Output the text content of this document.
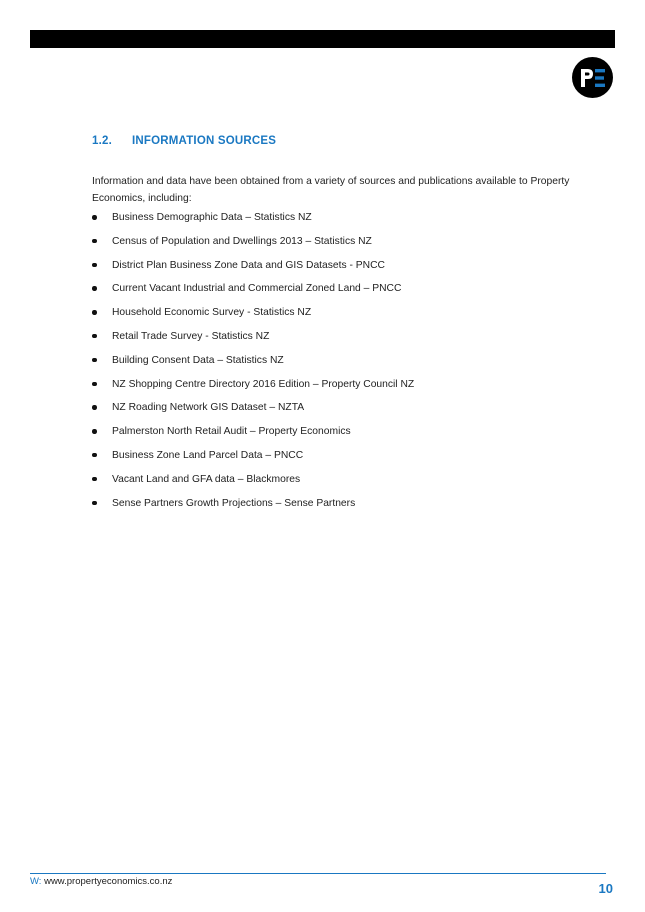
1.2. INFORMATION SOURCES

Information and data have been obtained from a variety of sources and publications available to Property Economics, including:

Business Demographic Data – Statistics NZ
Census of Population and Dwellings 2013 – Statistics NZ
District Plan Business Zone Data and GIS Datasets - PNCC
Current Vacant Industrial and Commercial Zoned Land – PNCC
Household Economic Survey - Statistics NZ
Retail Trade Survey - Statistics NZ
Building Consent Data – Statistics NZ
NZ Shopping Centre Directory 2016 Edition – Property Council NZ
NZ Roading Network GIS Dataset – NZTA
Palmerston North Retail Audit – Property Economics
Business Zone Land Parcel Data – PNCC
Vacant Land and GFA data – Blackmores
Sense Partners Growth Projections – Sense Partners
W: www.propertyeconomics.co.nz	10
